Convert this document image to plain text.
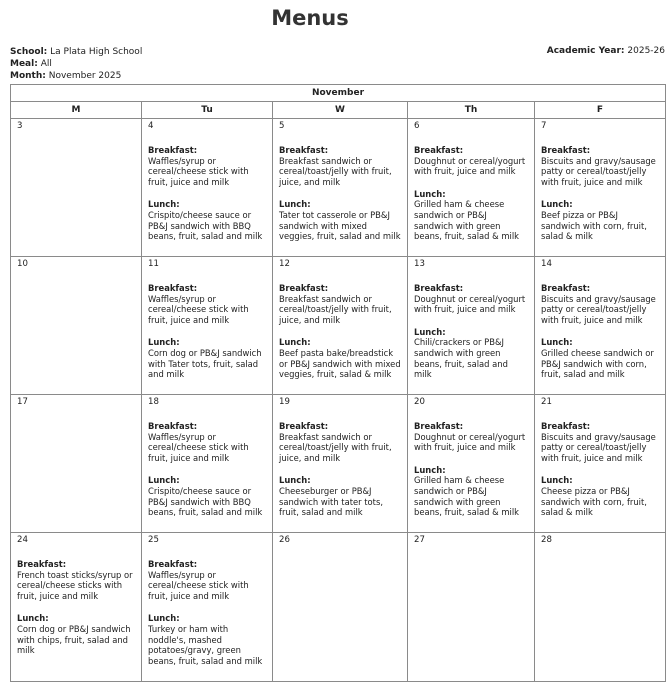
Menus
School: La Plata High School
Meal: All
Month: November 2025
Academic Year: 2025-26
November				
M	Tu	W	Th	F

3	4
Breakfast:
Waffles/syrup or cereal/cheese stick with fruit, juice and milk
Lunch:
Crispito/cheese sauce or PB&J sandwich with BBQ beans, fruit, salad and milk	5
Breakfast:
Breakfast sandwich or cereal/toast/jelly with fruit, juice, and milk
Lunch:
Tater tot casserole or PB&J sandwich with mixed veggies, fruit, salad and milk	6
Breakfast:
Doughnut or cereal/yogurt with fruit, juice and milk
Lunch:
Grilled ham & cheese sandwich or PB&J sandwich with green beans, fruit, salad & milk	7
Breakfast:
Biscuits and gravy/sausage patty or cereal/toast/jelly with fruit, juice and milk
Lunch:
Beef pizza or PB&J sandwich with corn, fruit, salad & milk

10	11
Breakfast:
Waffles/syrup or cereal/cheese stick with fruit, juice and milk
Lunch:
Corn dog or PB&J sandwich with Tater tots, fruit, salad and milk	12
Breakfast:
Breakfast sandwich or cereal/toast/jelly with fruit, juice, and milk
Lunch:
Beef pasta bake/breadstick or PB&J sandwich with mixed veggies, fruit, salad & milk	13
Breakfast:
Doughnut or cereal/yogurt with fruit, juice and milk
Lunch:
Chili/crackers or PB&J sandwich with green beans, fruit, salad and milk	14
Breakfast:
Biscuits and gravy/sausage patty or cereal/toast/jelly with fruit, juice and milk
Lunch:
Grilled cheese sandwich or PB&J sandwich with corn, fruit, salad and milk

17	18
Breakfast:
Waffles/syrup or cereal/cheese stick with fruit, juice and milk
Lunch:
Crispito/cheese sauce or PB&J sandwich with BBQ beans, fruit, salad and milk	19
Breakfast:
Breakfast sandwich or cereal/toast/jelly with fruit, juice, and milk
Lunch:
Cheeseburger or PB&J sandwich with tater tots, fruit, salad and milk	20
Breakfast:
Doughnut or cereal/yogurt with fruit, juice and milk
Lunch:
Grilled ham & cheese sandwich or PB&J sandwich with green beans, fruit, salad & milk	21
Breakfast:
Biscuits and gravy/sausage patty or cereal/toast/jelly with fruit, juice and milk
Lunch:
Cheese pizza or PB&J sandwich with corn, fruit, salad & milk

24
Breakfast:
French toast sticks/syrup or cereal/cheese sticks with fruit, juice and milk
Lunch:
Corn dog or PB&J sandwich with chips, fruit, salad and milk	25
Breakfast:
Waffles/syrup or cereal/cheese stick with fruit, juice and milk
Lunch:
Turkey or ham with noddle's, mashed potatoes/gravy, green beans, fruit, salad and milk	26	27	28
